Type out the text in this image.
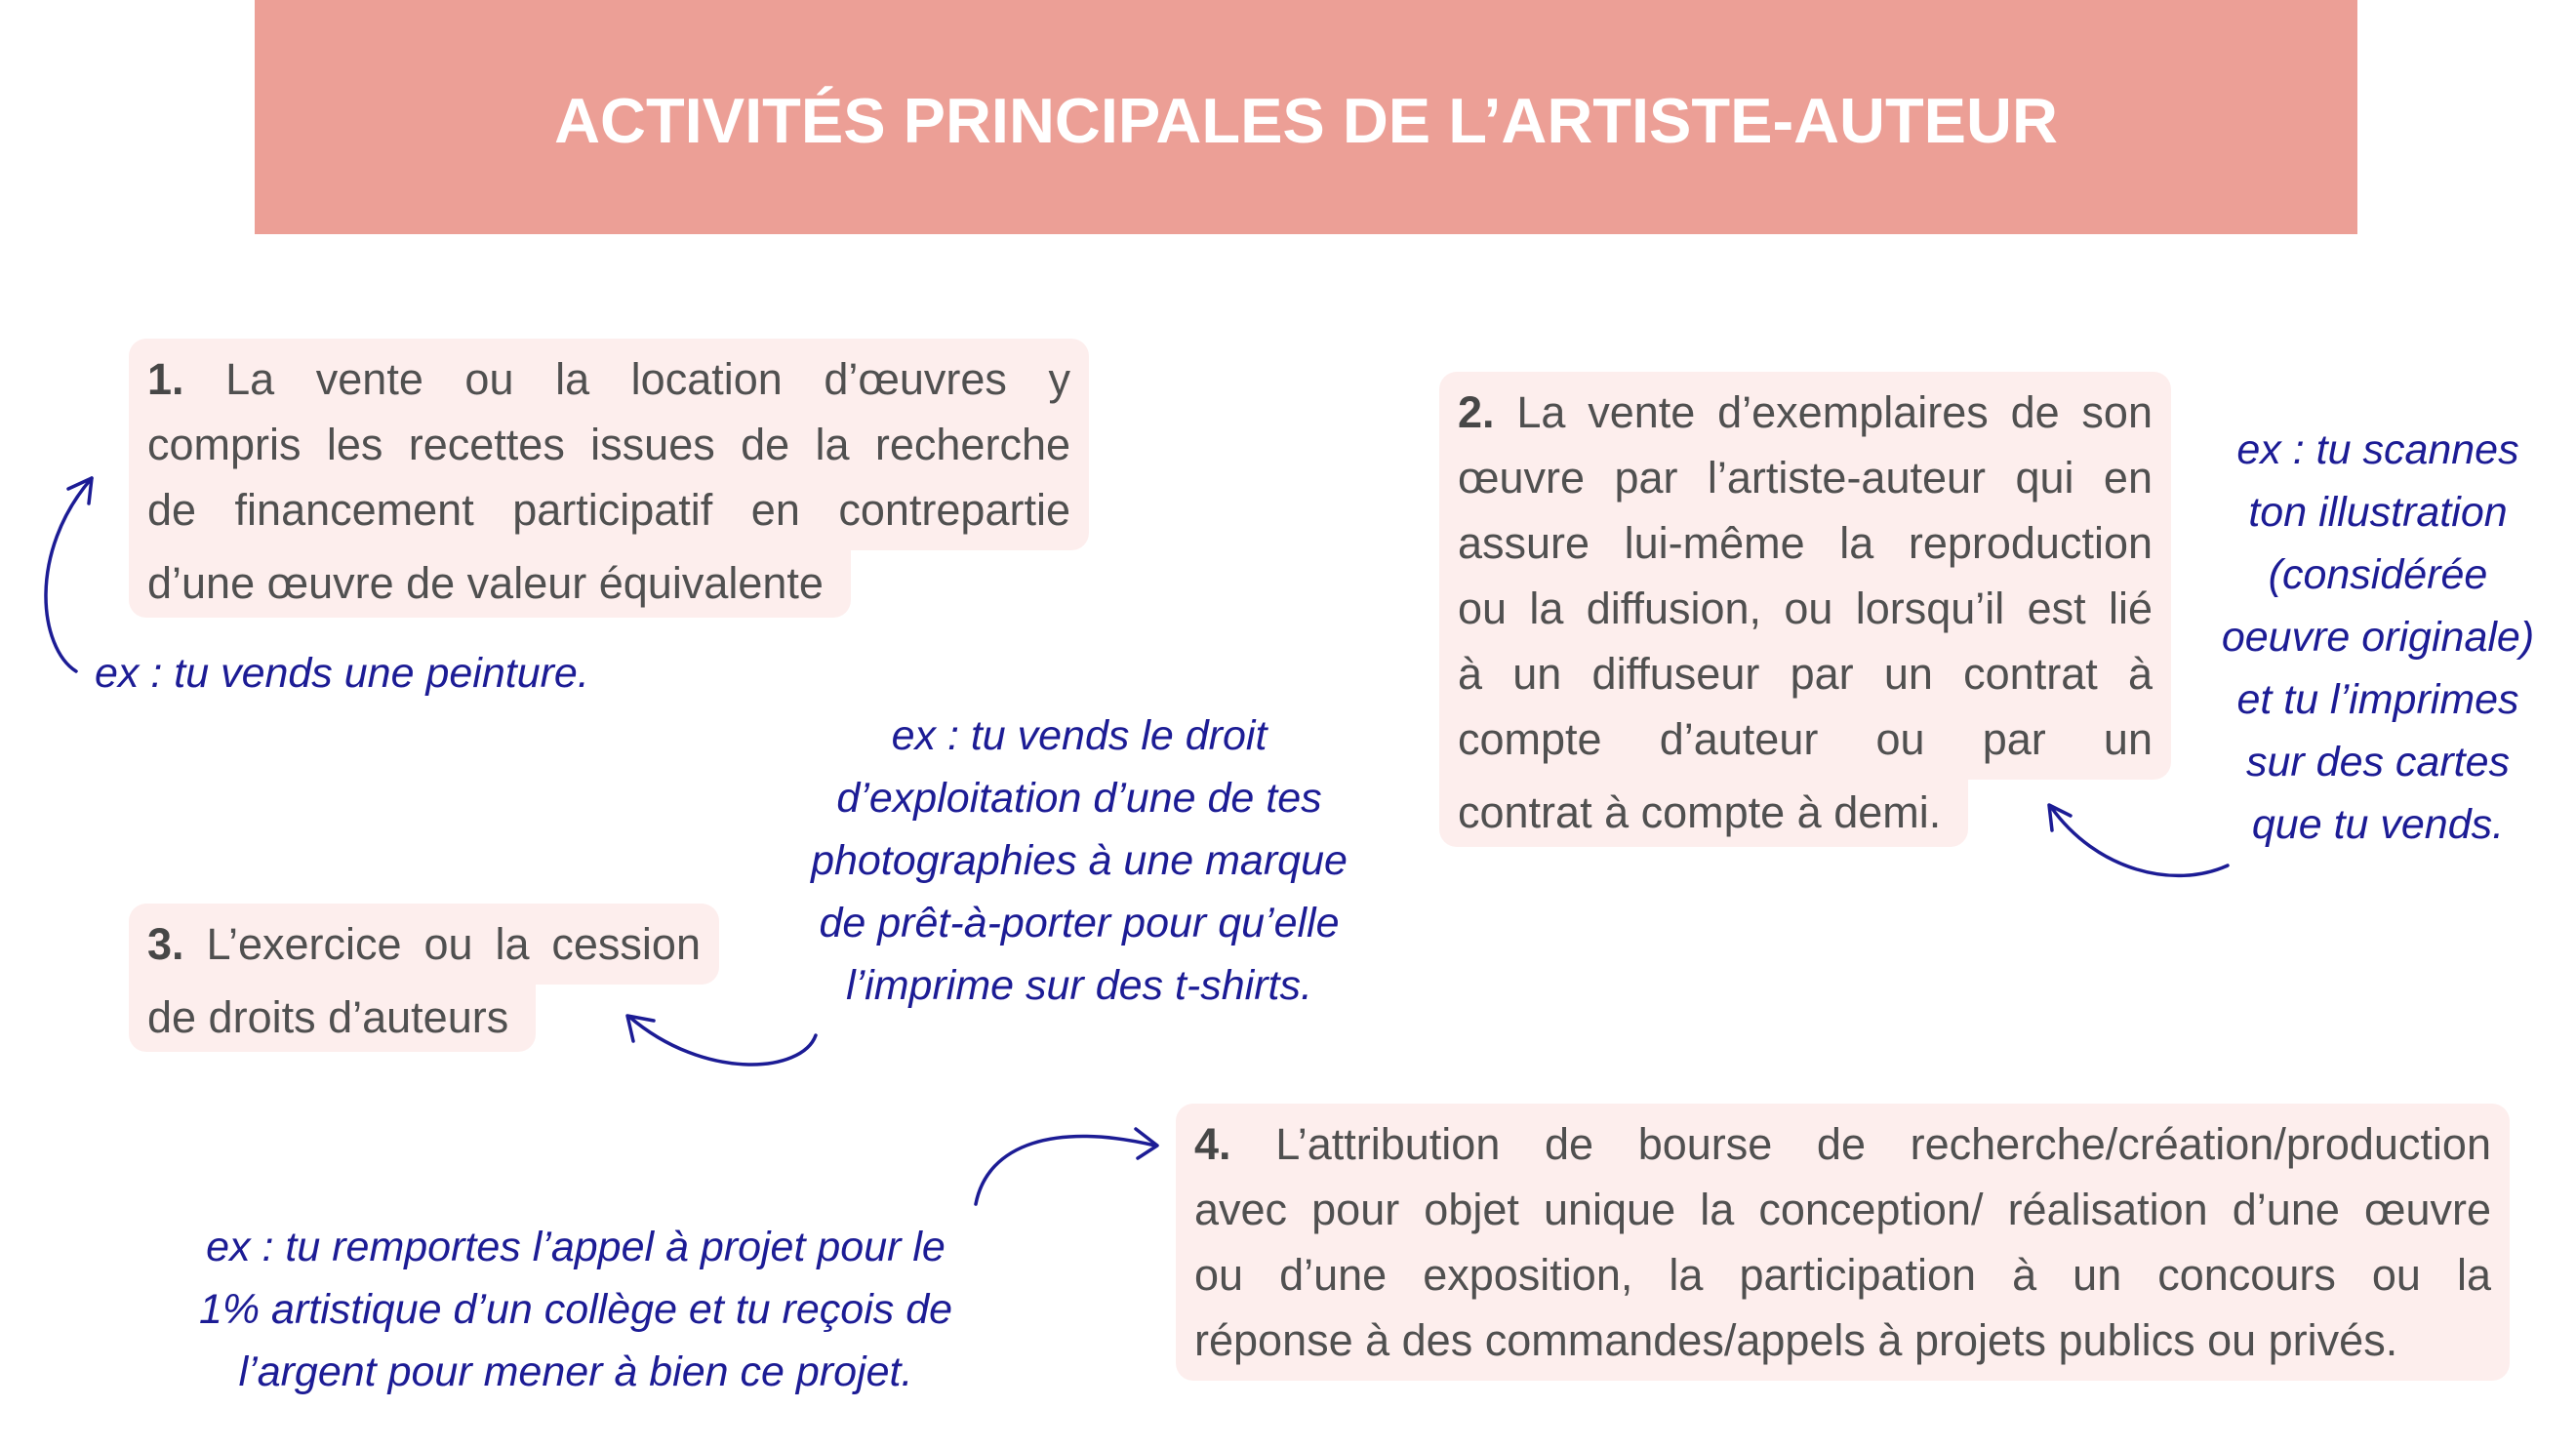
ACTIVITÉS PRINCIPALES DE L’ARTISTE-AUTEUR
1. La vente ou la location d’œuvres y
compris les recettes issues de la recherche
de financement participatif en contrepartie
d’une œuvre de valeur équivalente
2. La vente d’exemplaires de son
œuvre par l’artiste-auteur qui en
assure lui-même la reproduction
ou la diffusion, ou lorsqu’il est lié
à un diffuseur par un contrat à
compte d’auteur ou par un
contrat à compte à demi.
3. L’exercice ou la cession
de droits d’auteurs
4. L’attribution de bourse de recherche/création/production
avec pour objet unique la conception/ réalisation d’une œuvre
ou d’une exposition, la participation à un concours ou la
réponse à des commandes/appels à projets publics ou privés.
ex : tu vends une peinture.
ex : tu vends le droit
d’exploitation d’une de tes
photographies à une marque
de prêt-à-porter pour qu’elle
l’imprime sur des t-shirts.
ex : tu scannes
ton illustration
(considérée
oeuvre originale)
et tu l’imprimes
sur des cartes
que tu vends.
ex : tu remportes l’appel à projet pour le
1% artistique d’un collège et tu reçois de
l’argent pour mener à bien ce projet.
